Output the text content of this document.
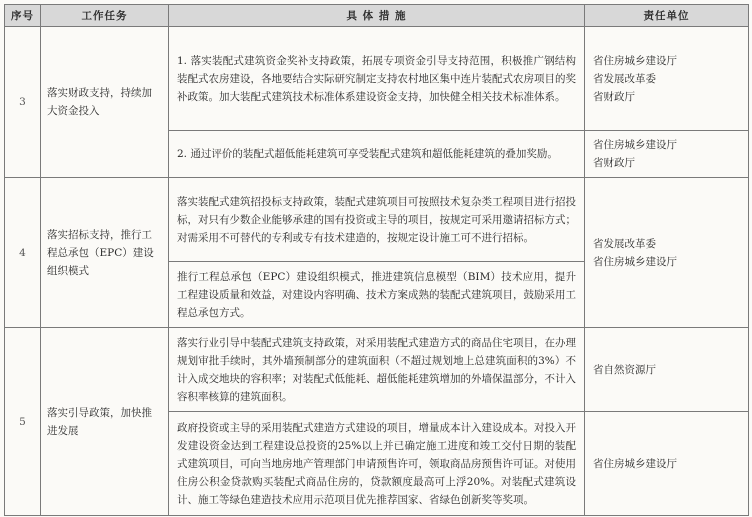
序号	工作任务	具 体 措 施	责任单位
3	落实财政支持，持续加大资金投入	1. 落实装配式建筑资金奖补支持政策，拓展专项资金引导支持范围，积极推广钢结构装配式农房建设，各地要结合实际研究制定支持农村地区集中连片装配式农房项目的奖补政策。加大装配式建筑技术标准体系建设资金支持，加快健全相关技术标准体系。	省住房城乡建设厅
省发展改革委
省财政厅

		2. 通过评价的装配式超低能耗建筑可享受装配式建筑和超低能耗建筑的叠加奖励。	省住房城乡建设厅
省财政厅

4	落实招标支持，推行工程总承包（EPC）建设组织模式	落实装配式建筑招投标支持政策，装配式建筑项目可按照技术复杂类工程项目进行招投标，对只有少数企业能够承建的国有投资或主导的项目，按规定可采用邀请招标方式；对需采用不可替代的专利或专有技术建造的，按规定设计施工可不进行招标。	省发展改革委
省住房城乡建设厅

		推行工程总承包（EPC）建设组织模式，推进建筑信息模型（BIM）技术应用，提升工程建设质量和效益，对建设内容明确、技术方案成熟的装配式建筑项目，鼓励采用工程总承包方式。	
5	落实引导政策，加快推进发展	落实行业引导中装配式建筑支持政策，对采用装配式建造方式的商品住宅项目，在办理规划审批手续时，其外墙预制部分的建筑面积（不超过规划地上总建筑面积的3%）不计入成交地块的容积率；对装配式低能耗、超低能耗建筑增加的外墙保温部分，不计入容积率核算的建筑面积。	省自然资源厅

		政府投资或主导的采用装配式建造方式建设的项目，增量成本计入建设成本。对投入开发建设资金达到工程建设总投资的25%以上并已确定施工进度和竣工交付日期的装配式建筑项目，可向当地房地产管理部门申请预售许可，领取商品房预售许可证。对使用住房公积金贷款购买装配式商品住房的，贷款额度最高可上浮20%。对装配式建筑设计、施工等绿色建造技术应用示范项目优先推荐国家、省绿色创新奖等奖项。	省住房城乡建设厅
